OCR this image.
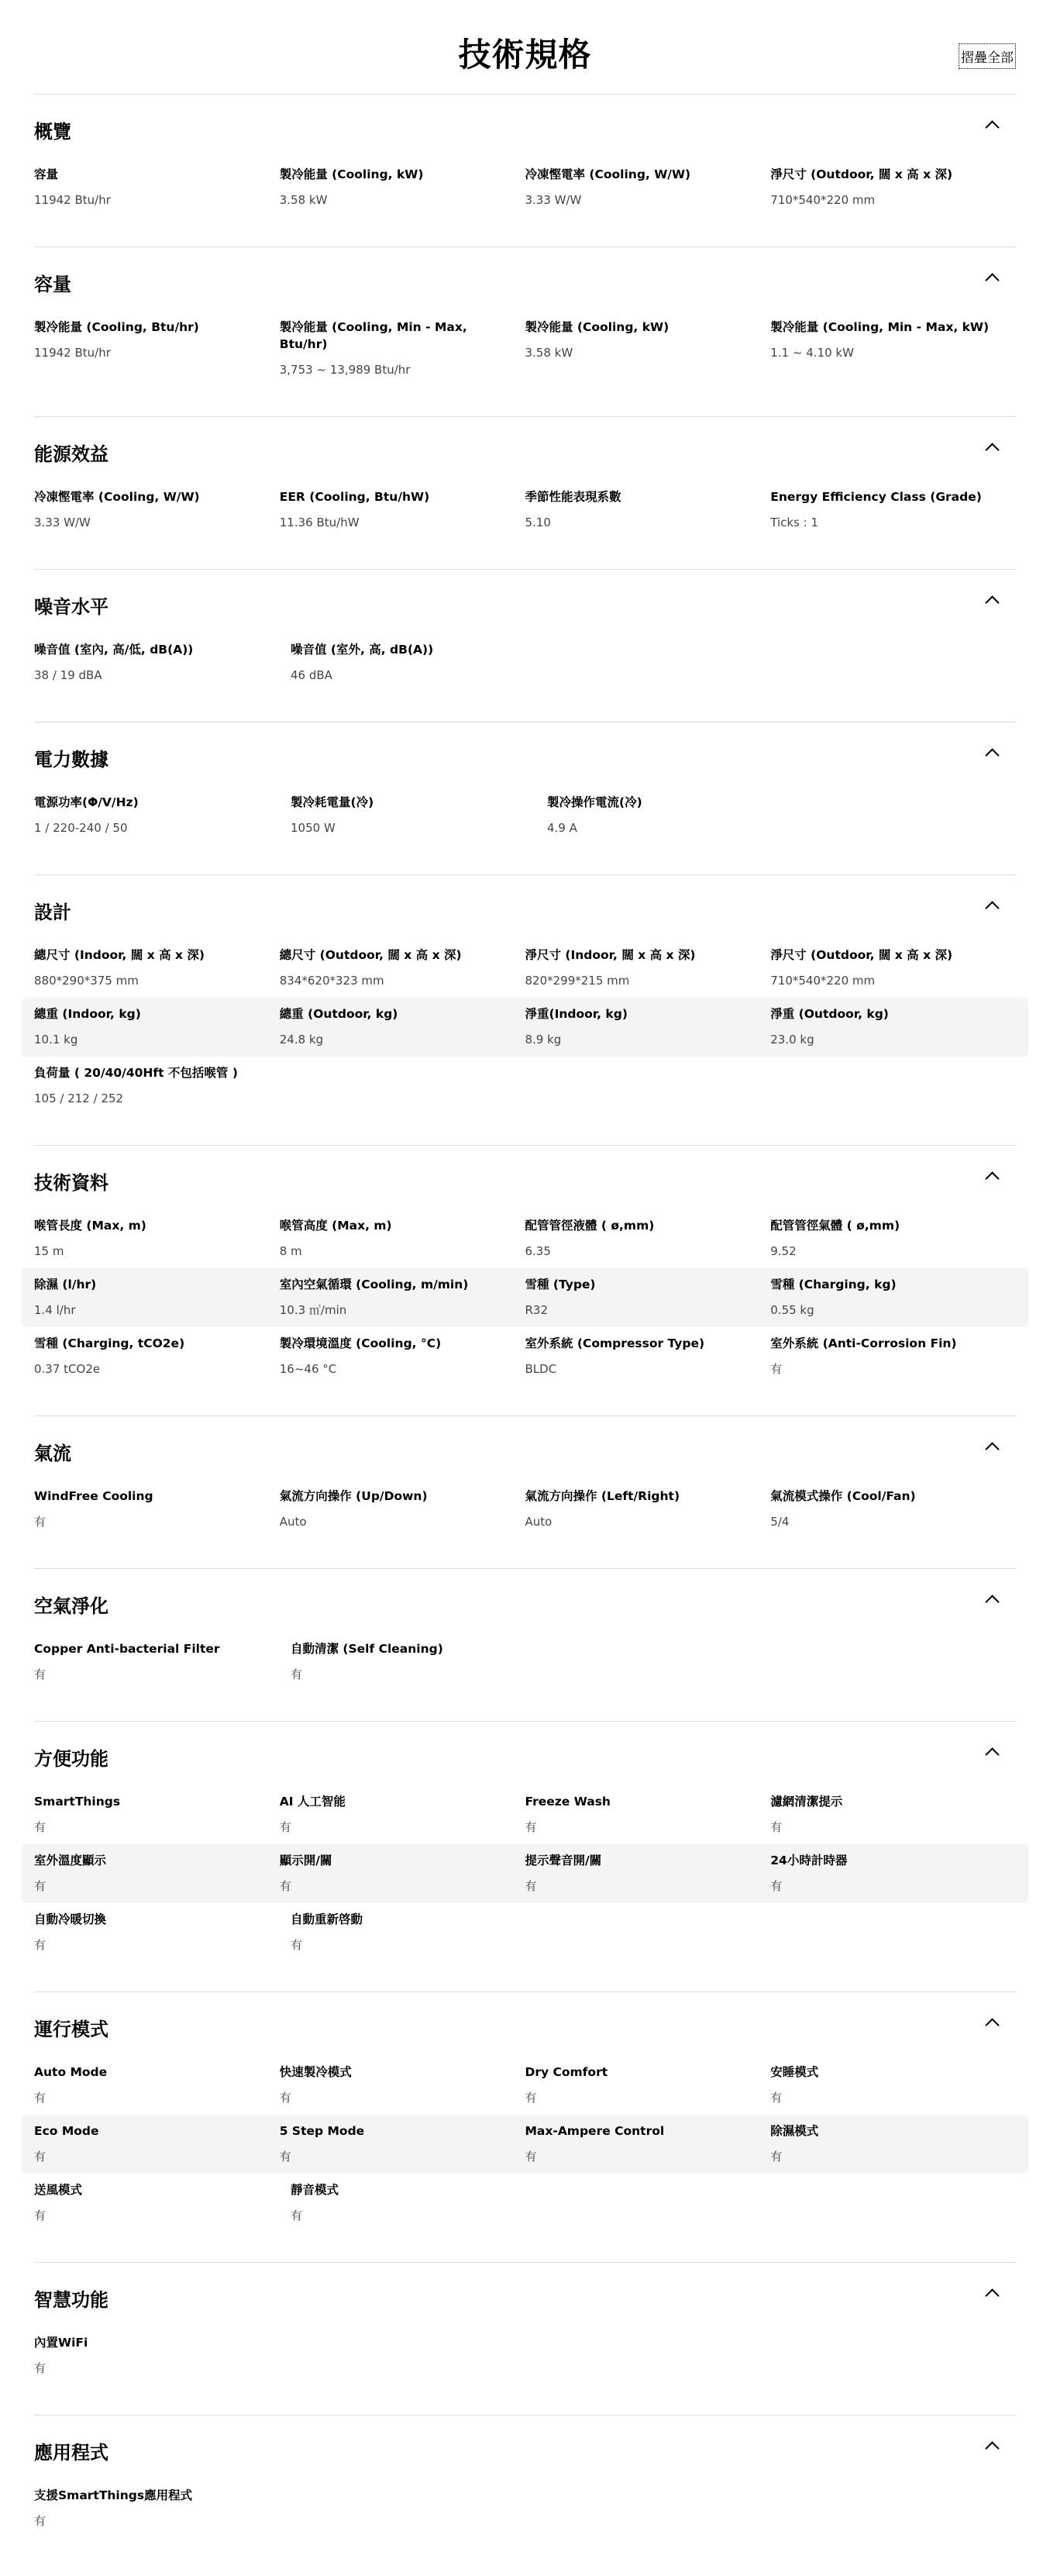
技術規格	摺疊全部
概覽
容量
11942 Btu/hr
製冷能量 (Cooling, kW)
3.58 kW
冷凍慳電率 (Cooling, W/W)
3.33 W/W
淨尺寸 (Outdoor, 闊 x 高 x 深)
710*540*220 mm
容量
製冷能量 (Cooling, Btu/hr)
11942 Btu/hr
製冷能量 (Cooling, Min - Max, Btu/hr)
3,753 ~ 13,989 Btu/hr
製冷能量 (Cooling, kW)
3.58 kW
製冷能量 (Cooling, Min - Max, kW)
1.1 ~ 4.10 kW
能源效益
冷凍慳電率 (Cooling, W/W)
3.33 W/W
EER (Cooling, Btu/hW)
11.36 Btu/hW
季節性能表現系數
5.10
Energy Efficiency Class (Grade)
Ticks : 1
噪音水平
噪音值 (室內, 高/低, dB(A))
38 / 19 dBA
噪音值 (室外, 高, dB(A))
46 dBA
電力數據
電源功率(Φ/V/Hz)
1 / 220-240 / 50
製冷耗電量(冷)
1050 W
製冷操作電流(冷)
4.9 A
設計
總尺寸 (Indoor, 闊 x 高 x 深)
880*290*375 mm
總尺寸 (Outdoor, 闊 x 高 x 深)
834*620*323 mm
淨尺寸 (Indoor, 闊 x 高 x 深)
820*299*215 mm
淨尺寸 (Outdoor, 闊 x 高 x 深)
710*540*220 mm
總重 (Indoor, kg)
10.1 kg
總重 (Outdoor, kg)
24.8 kg
淨重(Indoor, kg)
8.9 kg
淨重 (Outdoor, kg)
23.0 kg
負荷量 ( 20/40/40Hft 不包括喉管 )
105 / 212 / 252
技術資料
喉管長度 (Max, m)
15 m
喉管高度 (Max, m)
8 m
配管管徑液體 ( ø,mm)
6.35
配管管徑氣體 ( ø,mm)
9.52
除濕 (l/hr)
1.4 l/hr
室內空氣循環 (Cooling, m/min)
10.3 ㎥/min
雪種 (Type)
R32
雪種 (Charging, kg)
0.55 kg
雪種 (Charging, tCO2e)
0.37 tCO2e
製冷環境溫度 (Cooling, °C)
16~46 °C
室外系統 (Compressor Type)
BLDC
室外系統 (Anti-Corrosion Fin)
有
氣流
WindFree Cooling
有
氣流方向操作 (Up/Down)
Auto
氣流方向操作 (Left/Right)
Auto
氣流模式操作 (Cool/Fan)
5/4
空氣淨化
Copper Anti-bacterial Filter
有
自動清潔 (Self Cleaning)
有
方便功能
SmartThings
有
AI 人工智能
有
Freeze Wash
有
濾網清潔提示
有
室外溫度顯示
有
顯示開/關
有
提示聲音開/關
有
24小時計時器
有
自動冷暖切換
有
自動重新啓動
有
運行模式
Auto Mode
有
快速製冷模式
有
Dry Comfort
有
安睡模式
有
Eco Mode
有
5 Step Mode
有
Max-Ampere Control
有
除濕模式
有
送風模式
有
靜音模式
有
智慧功能
內置WiFi
有
應用程式
支援SmartThings應用程式
有
